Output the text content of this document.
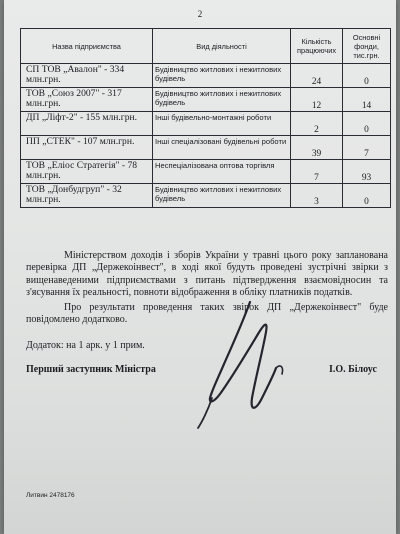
2
Назва підприємства	Вид діяльності	Кількість працюючих	Основні фонди, тис.грн.
СП ТОВ „Авалон" - 334 млн.грн.	Будівництво житлових і нежитлових будівель	24	0
ТОВ „Союз 2007" - 317 млн.грн.	Будівництво житлових і нежитлових будівель	12	14
ДП „Ліфт-2" - 155 млн.грн.	Інші будівельно-монтажні роботи	2	0
ПП „СТЕК" - 107 млн.грн.	Інші спеціалізовані будівельні роботи	39	7
ТОВ „Еліос Стратегія" - 78 млн.грн.	Неспеціалізована оптова торгівля	7	93
ТОВ „Донбудгруп" - 32 млн.грн.	Будівництво житлових і нежитлових будівель	3	0

Міністерством доходів і зборів України у травні цього року запланована перевірка ДП „Держекоінвест", в ході якої будуть проведені зустрічні звірки з вищенаведеними підприємствами з питань підтвердження взаємовідносин та з'ясування їх реальності, повноти відображення в обліку платників податків.

Про результати проведення таких звірок ДП „Держекоінвест" буде повідомлено додатково.

Додаток: на 1 арк. у 1 прим.

Перший заступник Міністра	І.О. Білоус
Литвин 2478176
